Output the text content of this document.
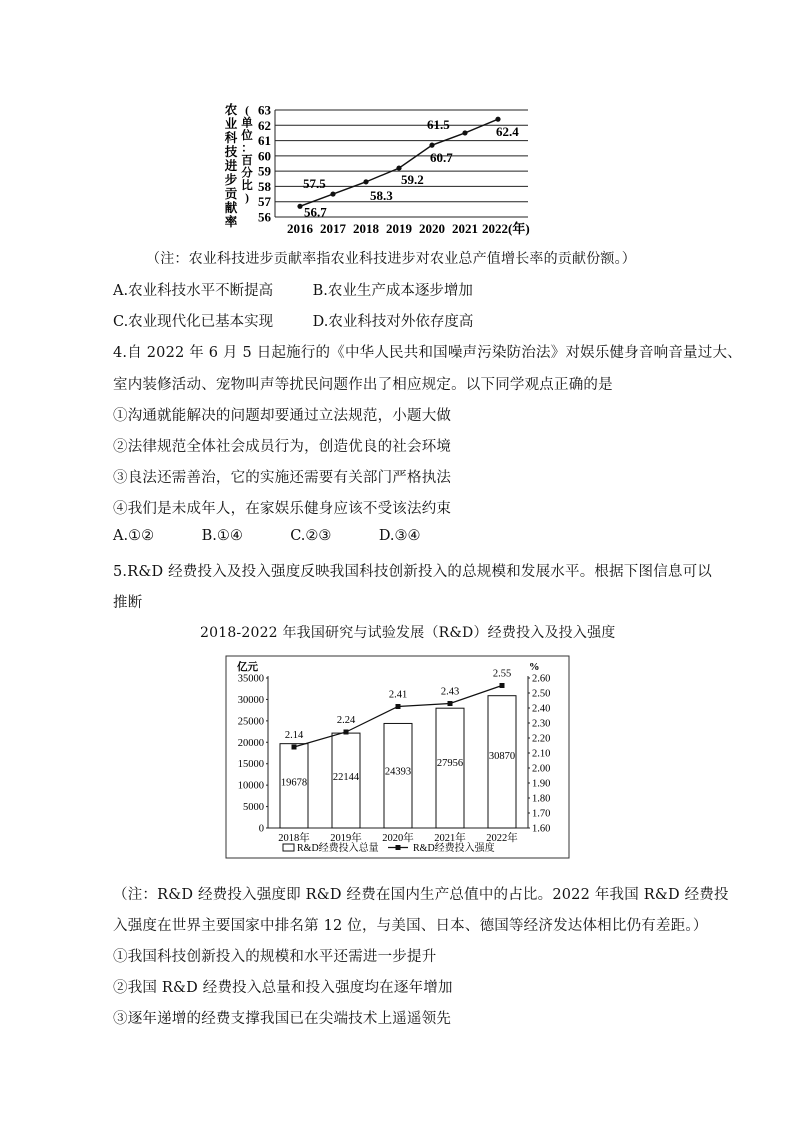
农
业
科
技
进
步
贡
献
率
(
单
位
：
百
分
比
)
63
62
61
60
59
58
57
56
2016 2017 2018 2019 2020 2021 2022(年)
56.7
57.5
58.3
59.2
60.7
61.5	62.4
（注：农业科技进步贡献率指农业科技进步对农业总产值增长率的贡献份额。）
A.农业科技水平不断提高	B.农业生产成本逐步增加
C.农业现代化已基本实现	D.农业科技对外依存度高
4.自 2022 年 6 月 5 日起施行的《中华人民共和国噪声污染防治法》对娱乐健身音响音量过大、
室内装修活动、宠物叫声等扰民问题作出了相应规定。以下同学观点正确的是
①沟通就能解决的问题却要通过立法规范，小题大做
②法律规范全体社会成员行为，创造优良的社会环境
③良法还需善治，它的实施还需要有关部门严格执法
④我们是未成年人，在家娱乐健身应该不受该法约束
A.①②	B.①④	C.②③	D.③④
5.R&D 经费投入及投入强度反映我国科技创新投入的总规模和发展水平。根据下图信息可以
推断
2018-2022 年我国研究与试验发展（R&D）经费投入及投入强度
亿元	%
35000
30000
25000
20000
15000
10000
5000
0
2.60
2.50
2.40
2.30
2.20
2.10
2.00
1.90
1.80
1.70
1.60
19678
22144 24393
27956
30870
2.14
2.24
2.41	2.43
2.55
2018年 2019年 2020年 2021年 2022年
R&D经费投入总量	R&D经费投入强度
（注：R&D 经费投入强度即 R&D 经费在国内生产总值中的占比。2022 年我国 R&D 经费投
入强度在世界主要国家中排名第 12 位，与美国、日本、德国等经济发达体相比仍有差距。）
①我国科技创新投入的规模和水平还需进一步提升
②我国 R&D 经费投入总量和投入强度均在逐年增加
③逐年递增的经费支撑我国已在尖端技术上遥遥领先
